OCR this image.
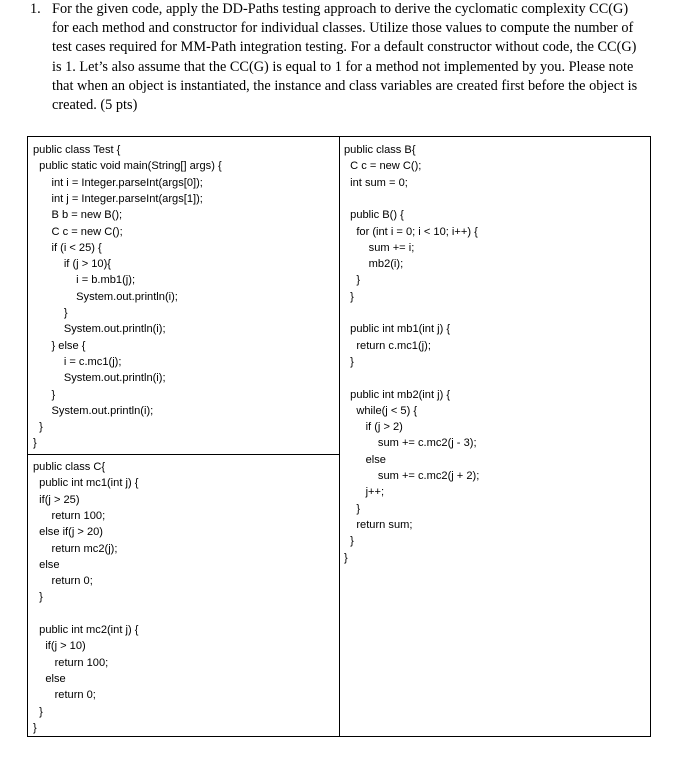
1. For the given code, apply the DD-Paths testing approach to derive the cyclomatic complexity CC(G)
for each method and constructor for individual classes. Utilize those values to compute the number of
test cases required for MM-Path integration testing. For a default constructor without code, the CC(G)
is 1. Let’s also assume that the CC(G) is equal to 1 for a method not implemented by you. Please note
that when an object is instantiated, the instance and class variables are created first before the object is
created. (5 pts)
public class Test {
public static void main(String[] args) {
int i = Integer.parseInt(args[0]);
int j = Integer.parseInt(args[1]);
B b = new B();
C c = new C();
if (i < 25) {
if (j > 10){
i = b.mb1(j);
System.out.println(i);
}
System.out.println(i);
} else {
i = c.mc1(j);
System.out.println(i);
}
System.out.println(i);
}
}
public class C{
public int mc1(int j) {
if(j > 25)
return 100;
else if(j > 20)
return mc2(j);
else
return 0;
}
public int mc2(int j) {
if(j > 10)
return 100;
else
return 0;
}
}
public class B{
C c = new C();
int sum = 0;
public B() {
for (int i = 0; i < 10; i++) {
sum += i;
mb2(i);
}
}
public int mb1(int j) {
return c.mc1(j);
}
public int mb2(int j) {
while(j < 5) {
if (j > 2)
sum += c.mc2(j - 3);
else
sum += c.mc2(j + 2);
j++;
}
return sum;
}
}
